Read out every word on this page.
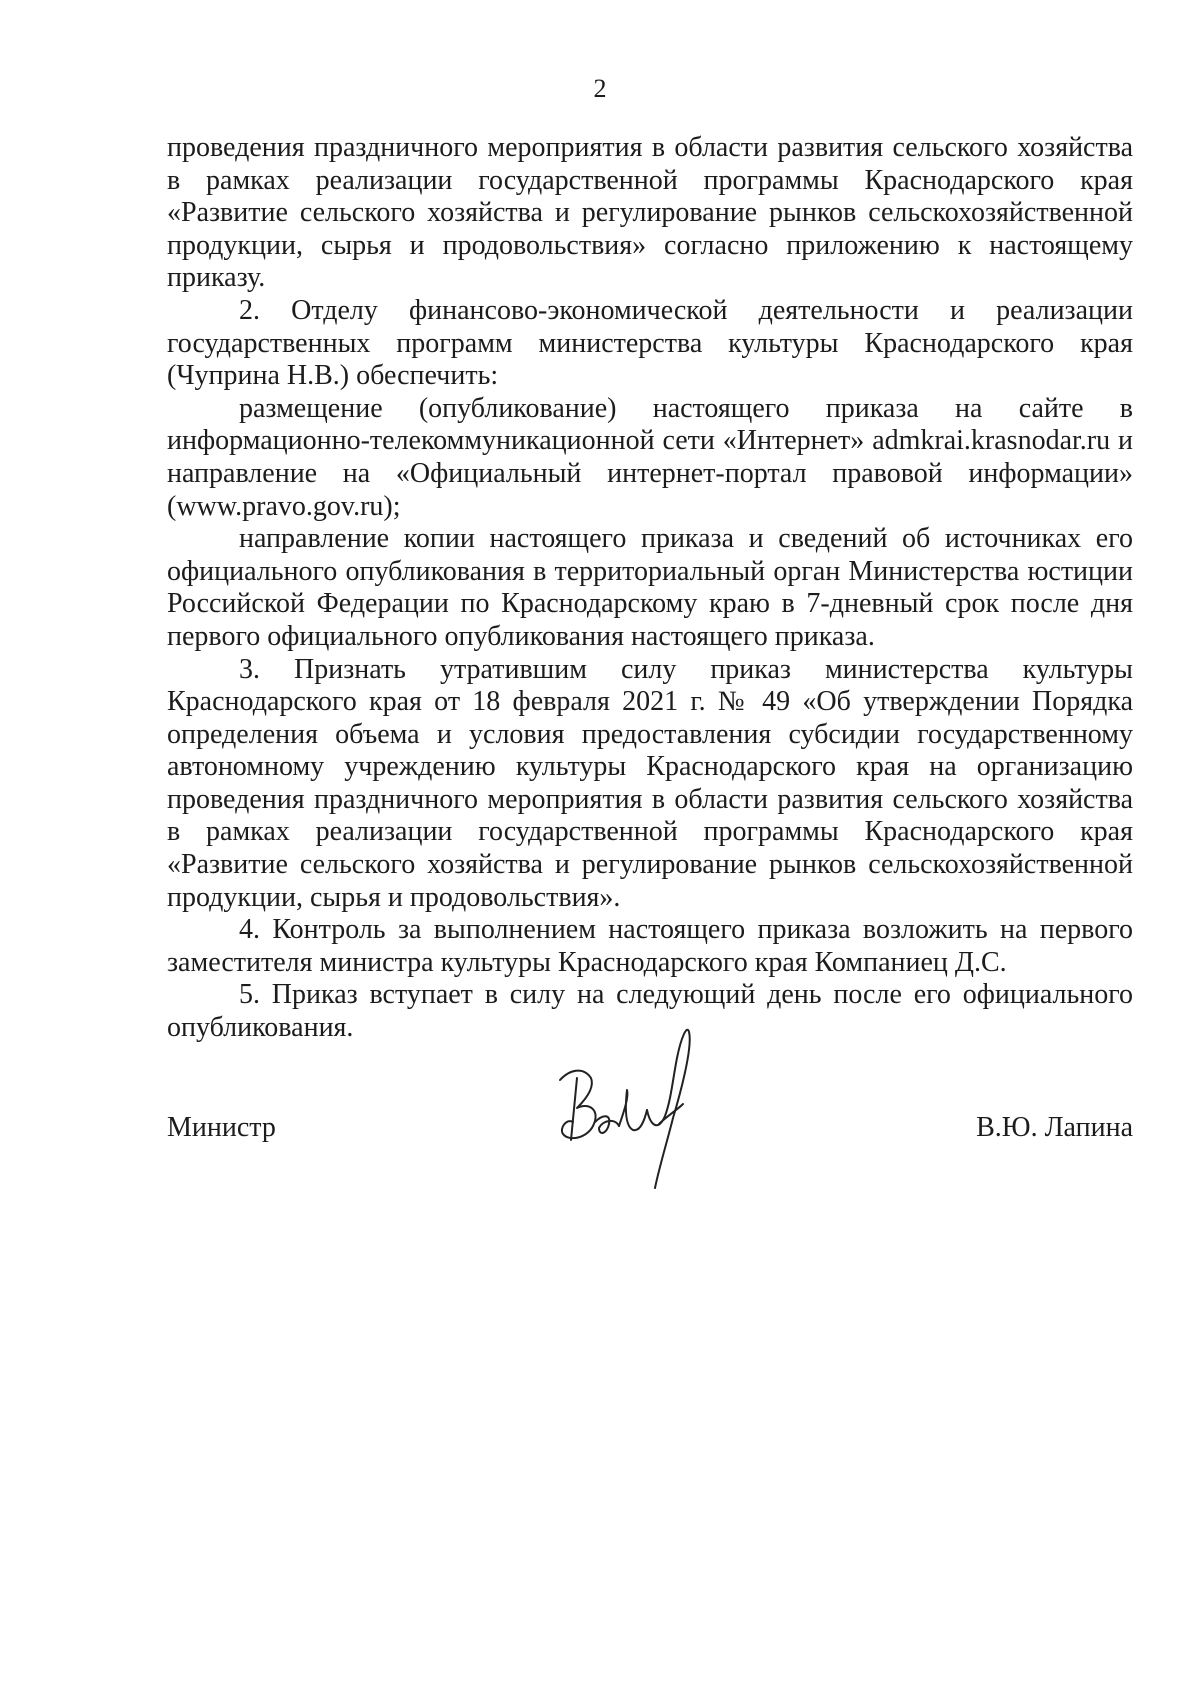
2

проведения праздничного мероприятия в области развития сельского хозяйства в рамках реализации государственной программы Краснодарского края «Развитие сельского хозяйства и регулирование рынков сельскохозяйственной продукции, сырья и продовольствия» согласно приложению к настоящему приказу.

2. Отделу финансово-экономической деятельности и реализации государственных программ министерства культуры Краснодарского края (Чуприна Н.В.) обеспечить:

размещение (опубликование) настоящего приказа на сайте в информационно-телекоммуникационной сети «Интернет» admkrai.krasnodar.ru и направление на «Официальный интернет-портал правовой информации» (www.pravo.gov.ru);

направление копии настоящего приказа и сведений об источниках его официального опубликования в территориальный орган Министерства юстиции Российской Федерации по Краснодарскому краю в 7-дневный срок после дня первого официального опубликования настоящего приказа.

3. Признать утратившим силу приказ министерства культуры Краснодарского края от 18 февраля 2021 г. № 49 «Об утверждении Порядка определения объема и условия предоставления субсидии государственному автономному учреждению культуры Краснодарского края на организацию проведения праздничного мероприятия в области развития сельского хозяйства в рамках реализации государственной программы Краснодарского края «Развитие сельского хозяйства и регулирование рынков сельскохозяйственной продукции, сырья и продовольствия».

4. Контроль за выполнением настоящего приказа возложить на первого заместителя министра культуры Краснодарского края Компаниец Д.С.

5. Приказ вступает в силу на следующий день после его официального опубликования.

Министр	В.Ю. Лапина
